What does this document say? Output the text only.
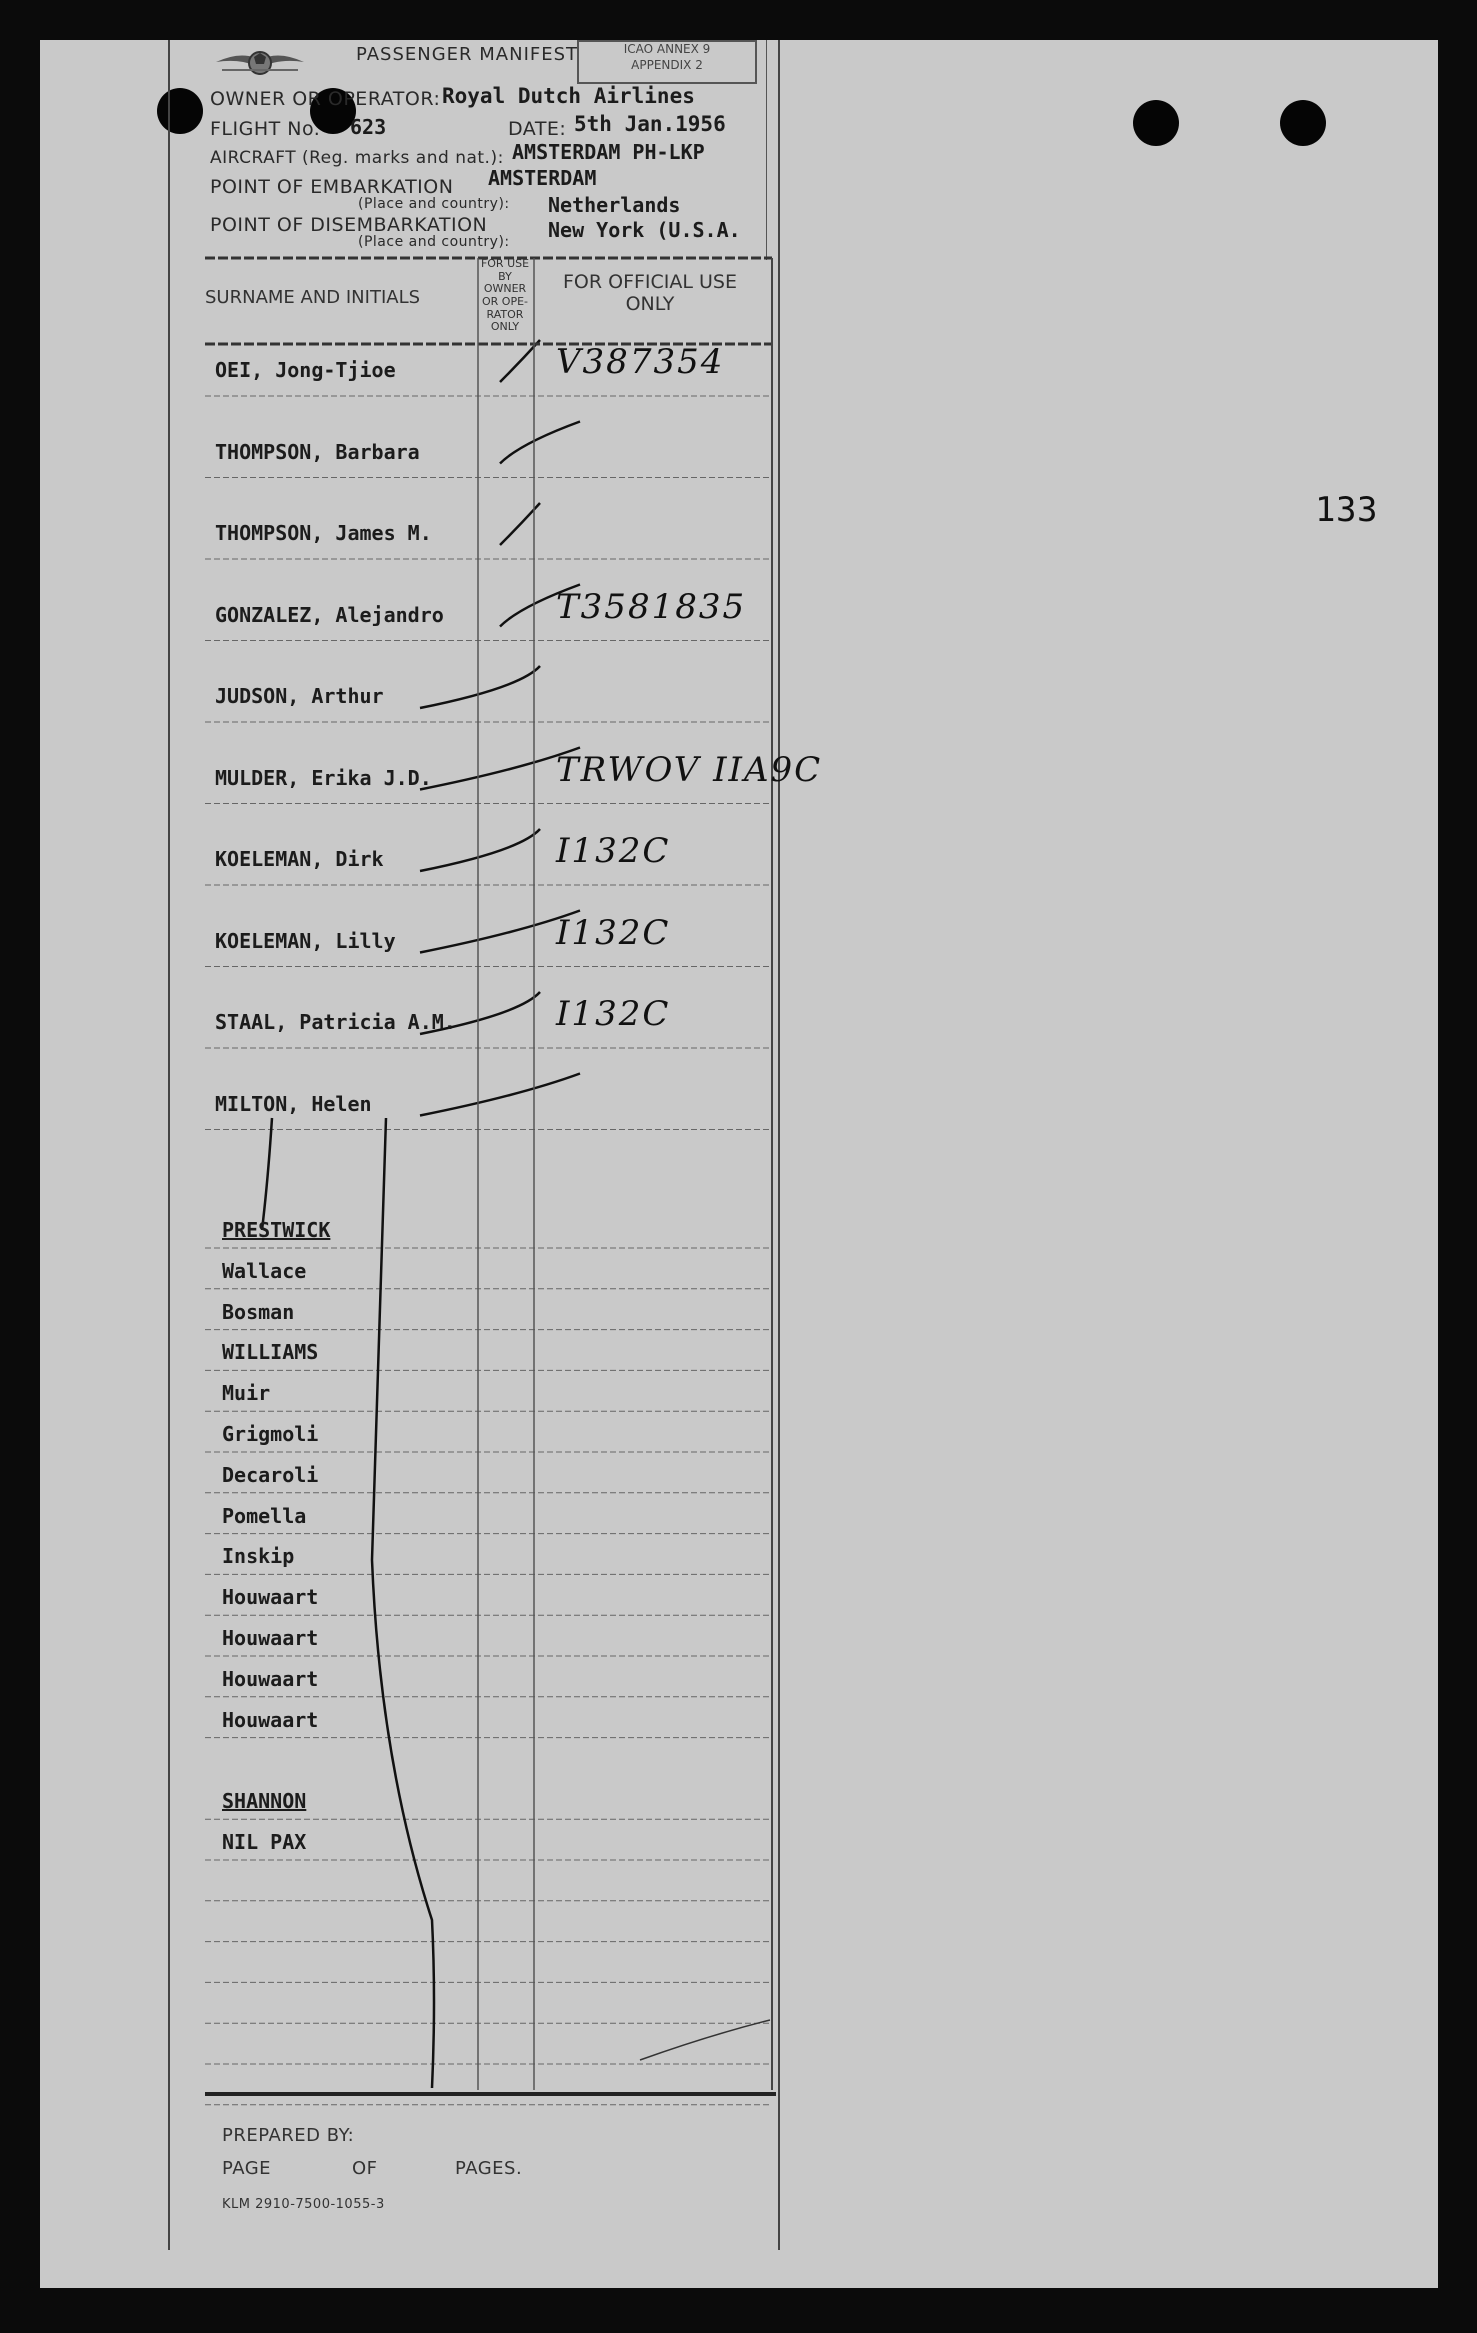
PASSENGER MANIFEST	ICAO ANNEX 9
APPENDIX 2
OWNER OR OPERATOR: Royal Dutch Airlines
FLIGHT No. 623	DATE: 5th Jan.1956
AIRCRAFT (Reg. marks and nat.): AMSTERDAM PH-LKP
POINT OF EMBARKATION AMSTERDAM
(Place and country): Netherlands
POINT OF DISEMBARKATION
(Place and country): New York (U.S.A.
SURNAME AND INITIALS
FOR USE BY OWNER OR OPE- RATOR ONLY
FOR OFFICIAL USE ONLY
OEI, Jong-Tjioe	V387354
THOMPSON, Barbara
THOMPSON, James M.
GONZALEZ, Alejandro	T3581835
JUDSON, Arthur
MULDER, Erika J.D.	TRWOV IIA9C
KOELEMAN, Dirk	I132C
KOELEMAN, Lilly	I132C
STAAL, Patricia A.M.	I132C
MILTON, Helen
PRESTWICK
Wallace
Bosman
WILLIAMS
Muir
Grigmoli
Decaroli
Pomella
Inskip
Houwaart
Houwaart
Houwaart
Houwaart
SHANNON
NIL PAX
133
PREPARED BY:
PAGE	OF	PAGES.
KLM 2910-7500-1055-3
